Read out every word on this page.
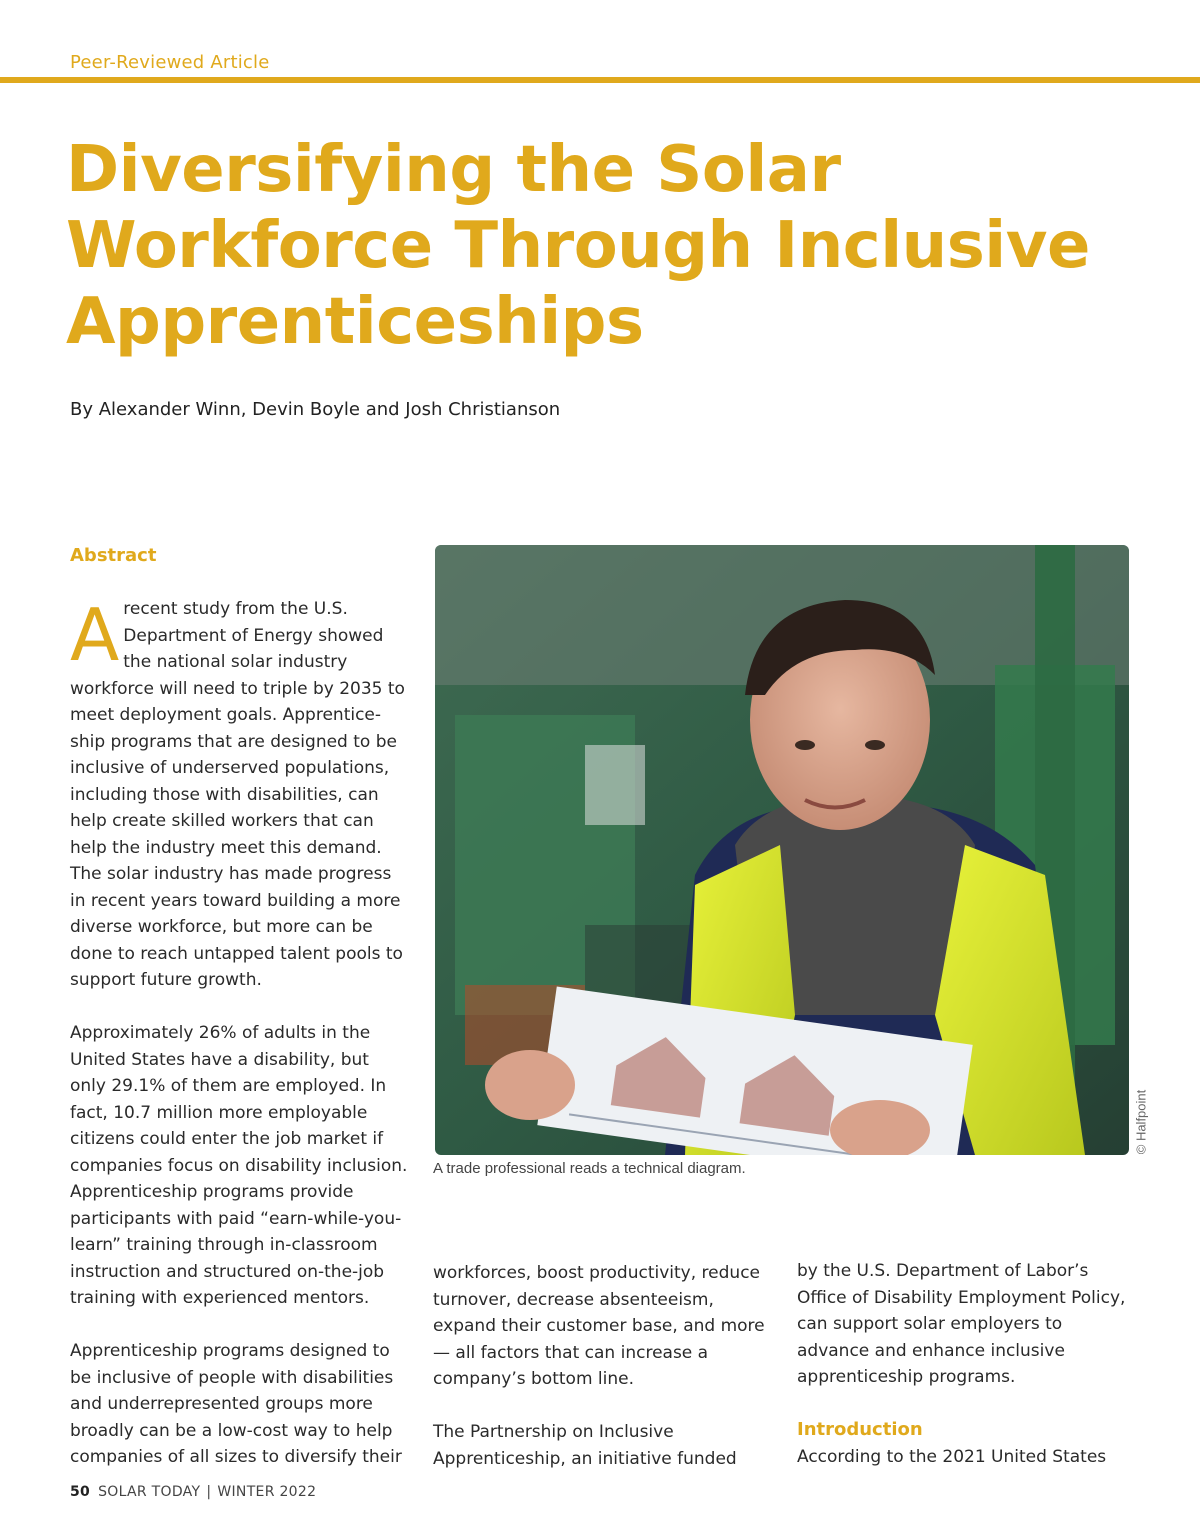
Peer-Reviewed Article
Diversifying the Solar Workforce Through Inclusive Apprenticeships
By Alexander Winn, Devin Boyle and Josh Christianson
Abstract

Arecent study from the U.S. Department of Energy showed the national solar industry workforce will need to triple by 2035 to meet deployment goals. Apprentice-ship programs that are designed to be inclusive of underserved populations, including those with disabilities, can help create skilled workers that can help the industry meet this demand. The solar industry has made progress in recent years toward building a more diverse workforce, but more can be done to reach untapped talent pools to support future growth.

Approximately 26% of adults in the United States have a disability, but only 29.1% of them are employed. In fact, 10.7 million more employable citizens could enter the job market if companies focus on disability inclusion. Apprenticeship programs provide participants with paid “earn-while-you-learn” training through in-classroom instruction and structured on-the-job training with experienced mentors.

Apprenticeship programs designed to be inclusive of people with disabilities and underrepresented groups more broadly can be a low-cost way to help companies of all sizes to diversify their

© Halfpoint
A trade professional reads a technical diagram.

workforces, boost productivity, reduce turnover, decrease absenteeism, expand their customer base, and more — all factors that can increase a company’s bottom line.

The Partnership on Inclusive Apprenticeship, an initiative funded

by the U.S. Department of Labor’s Office of Disability Employment Policy, can support solar employers to advance and enhance inclusive apprenticeship programs.

Introduction

According to the 2021 United States

50 SOLAR TODAY | WINTER 2022
